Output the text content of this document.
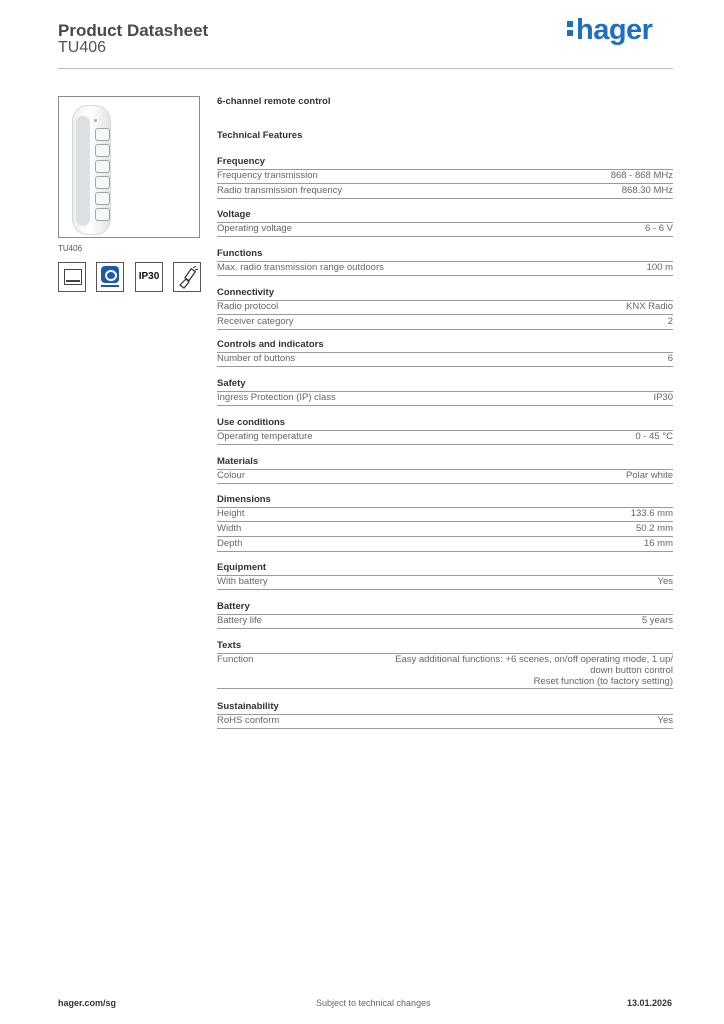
Product Datasheet
TU406
hager
TU406
IP30
6-channel remote control
Technical Features
Frequency
Frequency transmission	868 - 868 MHz
Radio transmission frequency	868.30 MHz
Voltage
Operating voltage	6 - 6 V
Functions
Max. radio transmission range outdoors	100 m
Connectivity
Radio protocol	KNX Radio
Receiver category	2
Controls and indicators
Number of buttons	6
Safety
Ingress Protection (IP) class	IP30
Use conditions
Operating temperature	0 - 45 °C
Materials
Colour	Polar white
Dimensions
Height	133.6 mm
Width	50.2 mm
Depth	16 mm
Equipment
With battery	Yes
Battery
Battery life	5 years
Texts
Function	Easy additional functions: +6 scenes, on/off operating mode, 1 up/
down button control
Reset function (to factory setting)
Sustainability
RoHS conform	Yes
hager.com/sg	Subject to technical changes	13.01.2026
